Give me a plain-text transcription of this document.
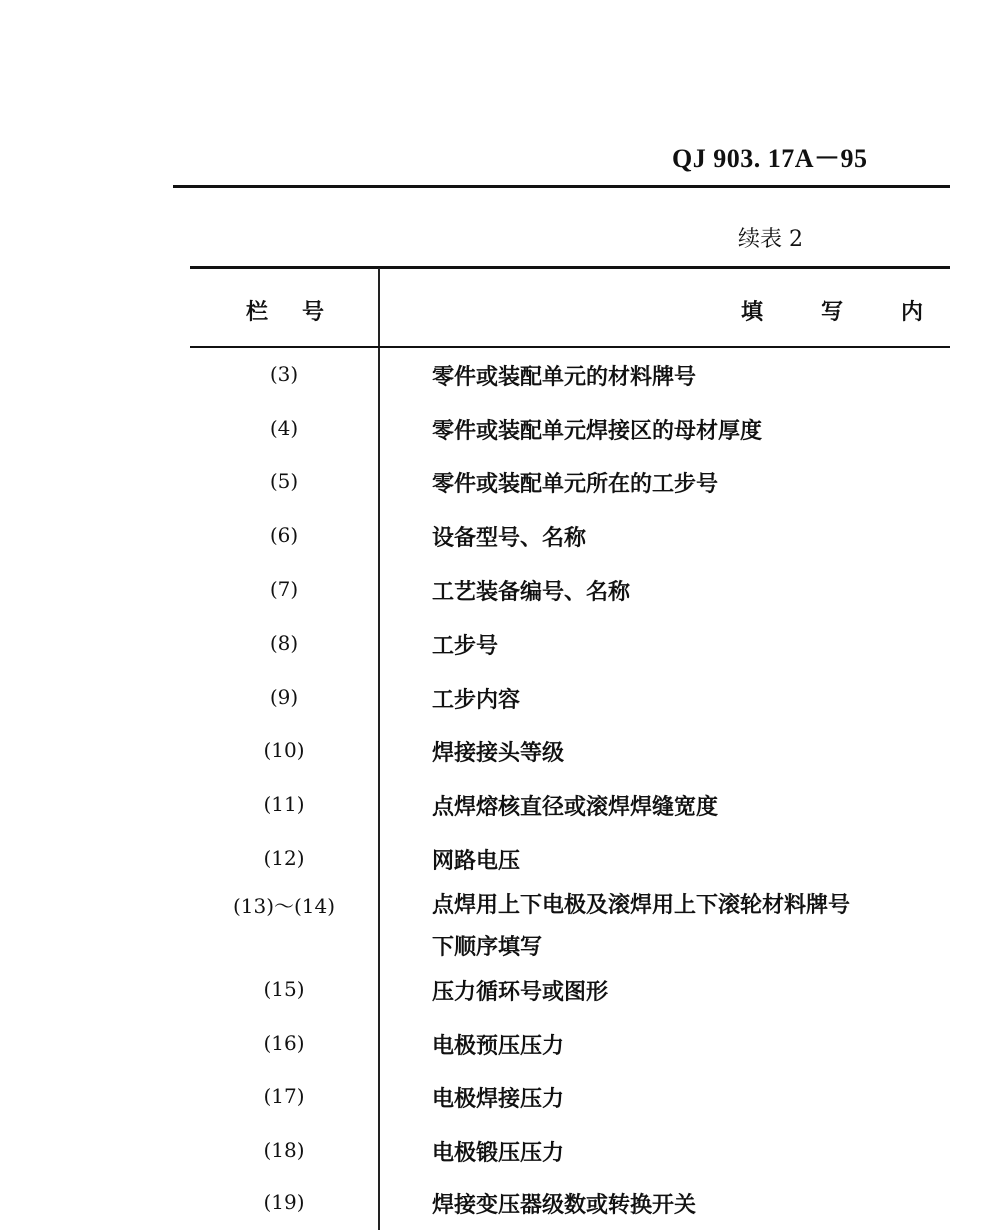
QJ 903. 17A－95
续表 2
栏号	填写内
(3)	零件或装配单元的材料牌号
(4)	零件或装配单元焊接区的母材厚度
(5)	零件或装配单元所在的工步号
(6)	设备型号、名称
(7)	工艺装备编号、名称
(8)	工步号
(9)	工步内容
(10)	焊接接头等级
(11)	点焊熔核直径或滚焊焊缝宽度
(12)	网路电压
(13)～(14)	点焊用上下电极及滚焊用上下滚轮材料牌号
下顺序填写
(15)	压力循环号或图形
(16)	电极预压压力
(17)	电极焊接压力
(18)	电极锻压压力
(19)	焊接变压器级数或转换开关
